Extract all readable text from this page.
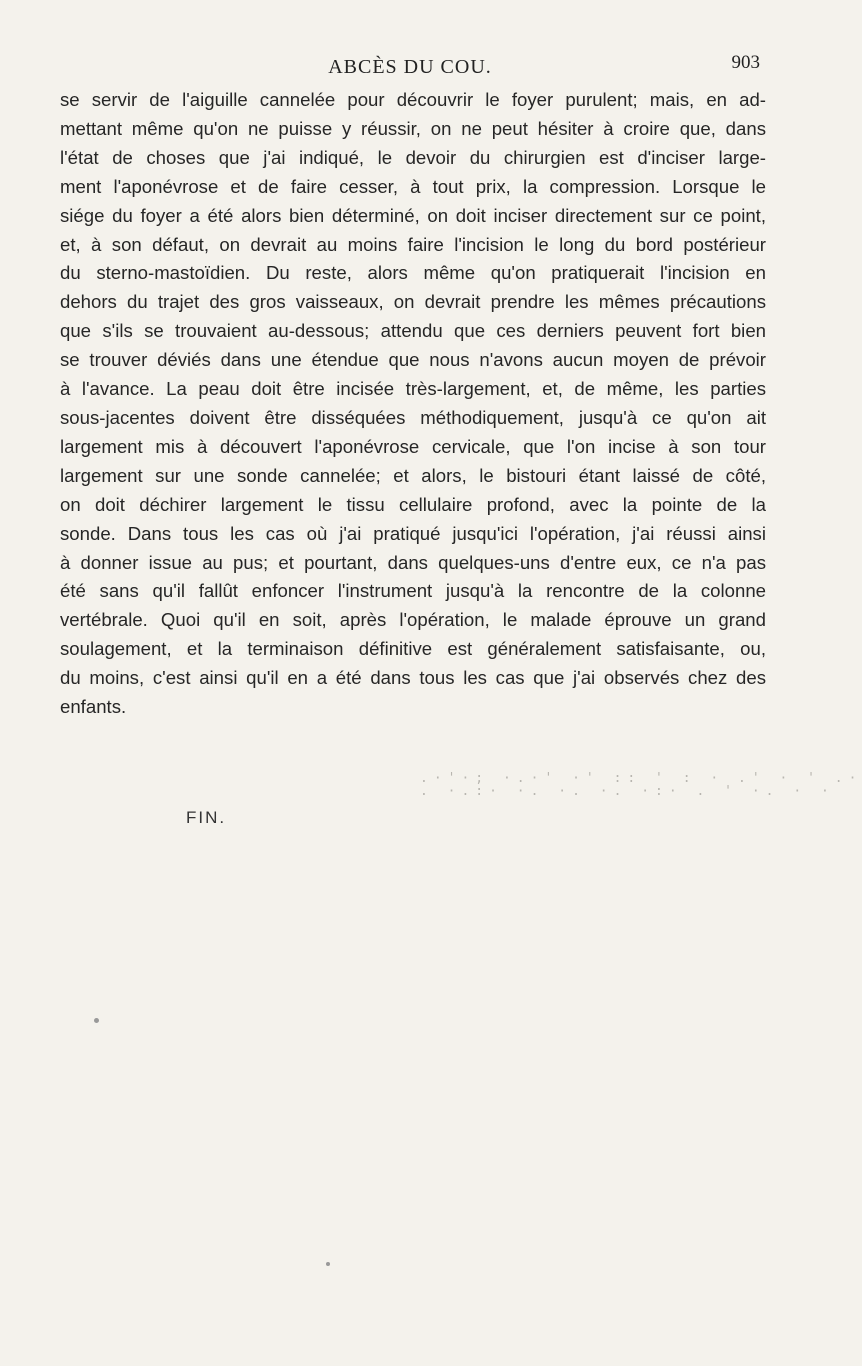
ABCÈS DU COU.	903
se servir de l'aiguille cannelée pour découvrir le foyer purulent; mais, en ad-
mettant même qu'on ne puisse y réussir, on ne peut hésiter à croire que, dans
l'état de choses que j'ai indiqué, le devoir du chirurgien est d'inciser large-
ment l'aponévrose et de faire cesser, à tout prix, la compression. Lorsque le
siége du foyer a été alors bien déterminé, on doit inciser directement sur ce point,
et, à son défaut, on devrait au moins faire l'incision le long du bord postérieur
du sterno-mastoïdien. Du reste, alors même qu'on pratiquerait l'incision en
dehors du trajet des gros vaisseaux, on devrait prendre les mêmes précautions
que s'ils se trouvaient au-dessous; attendu que ces derniers peuvent fort bien
se trouver déviés dans une étendue que nous n'avons aucun moyen de prévoir
à l'avance. La peau doit être incisée très-largement, et, de même, les parties
sous-jacentes doivent être disséquées méthodiquement, jusqu'à ce qu'on ait
largement mis à découvert l'aponévrose cervicale, que l'on incise à son tour
largement sur une sonde cannelée; et alors, le bistouri étant laissé de côté,
on doit déchirer largement le tissu cellulaire profond, avec la pointe de la
sonde. Dans tous les cas où j'ai pratiqué jusqu'ici l'opération, j'ai réussi ainsi
à donner issue au pus; et pourtant, dans quelques-uns d'entre eux, ce n'a pas
été sans qu'il fallût enfoncer l'instrument jusqu'à la rencontre de la colonne
vertébrale. Quoi qu'il en soit, après l'opération, le malade éprouve un grand
soulagement, et la terminaison définitive est généralement satisfaisante, ou,
du moins, c'est ainsi qu'il en a été dans tous les cas que j'ai observés chez des
enfants.
.·'·; ·.·' ·' :: ' : · .' · ' .·
. ·.:· ·. ·. ·. ·:· . ' ·. · ·
FIN.
